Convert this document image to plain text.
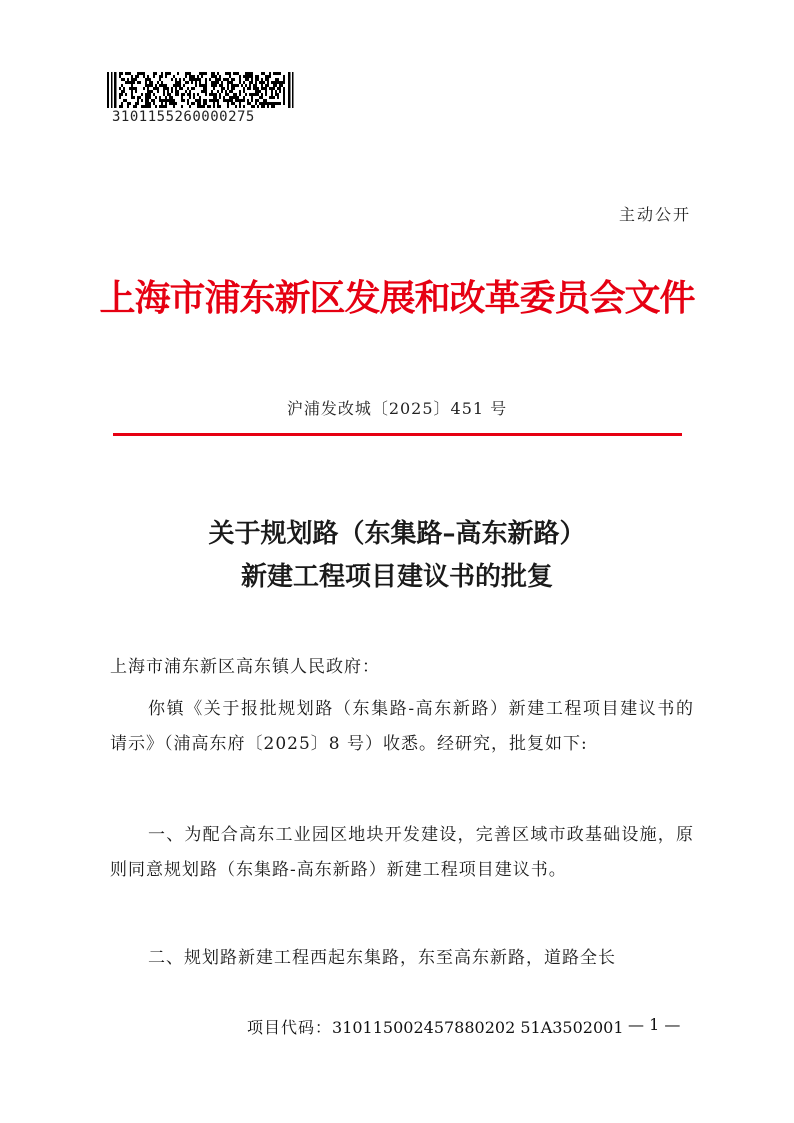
3101155260000275
主动公开
上海市浦东新区发展和改革委员会文件
沪浦发改城〔2025〕451 号
关于规划路（东集路–高东新路）
新建工程项目建议书的批复
上海市浦东新区高东镇人民政府：

你镇《关于报批规划路（东集路-高东新路）新建工程项目建议书的请示》（浦高东府〔2025〕8 号）收悉。经研究，批复如下:

一、为配合高东工业园区地块开发建设，完善区域市政基础设施，原则同意规划路（东集路-高东新路）新建工程项目建议书。

二、规划路新建工程西起东集路，东至高东新路，道路全长

项目代码：310115002457880202 51A3502001 — 1 —
